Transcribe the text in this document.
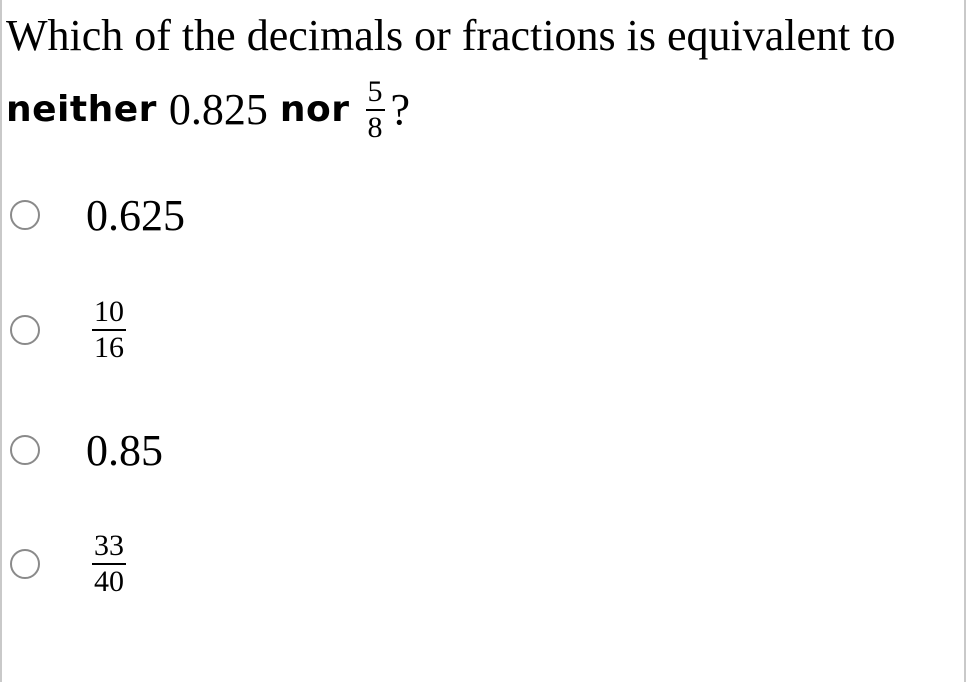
Which of the decimals or fractions is equivalent to
neither 0.825 nor $\frac{5}{8}$ ?
0.625
$\frac{10}{16}$
0.85
$\frac{33}{40}$
